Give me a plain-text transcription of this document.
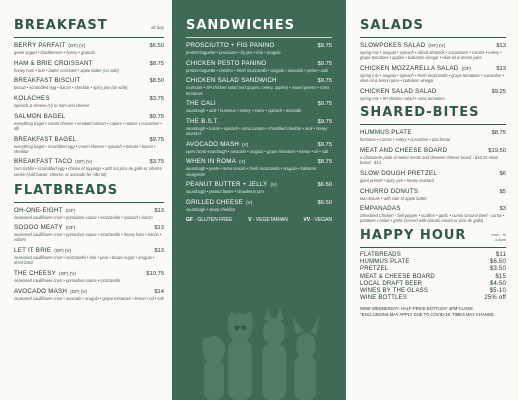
BREAKFAST	all day
BERRY PARFAIT (GF) (V)	$6.50
greek yogurt • blackberries • honey • granola
HAM & BRIE CROISSANT	$8.75
honey ham • brie • butter croissant • apple butter (on side)
BREAKFAST BISCUIT	$8.50
biscuit • scrambled egg • bacon • cheddar • spicy jam (on side)
KOLACHES	$3.75
spinach & cheese (V) or ham and cheese
SALMON BAGEL	$9.75
everything bagel • cream cheese • smoked salmon • capers • onions • cucumber • dill
BREAKFAST BAGEL	$9.75
everything bagel • scrambled egg • cream cheese • spinach • tomato • bacon • cheddar
BREAKFAST TACO (GF) (V)	$3.75
corn tortilla • scrambled egg • choice of toppings • add 1/4 pico de gallo or cilantro cream (Add bacon, cheese, or avocado for +$0.50)
FLATBREADS
OH-ONE-EIGHT (GF)	$13
seasoned cauliflower crust • pomodoro sauce • mozzarella • spinach • bacon
SOOOO MEATY (GF)	$13
seasoned cauliflower crust • pomodoro sauce • mozzarella • honey ham • bacon • salami
LET IT BRIE (GF) (V)	$13
seasoned cauliflower crust • mozzarella • brie • pear • brown sugar • arugula • dried basil
THE CHEESY (GF) (V)	$10.75
seasoned cauliflower crust • pomodoro sauce • mozzarella
AVOCADO MASH (GF) (V)	$14
seasoned cauliflower crust • avocado • arugula • grape tomatoes • lemon • oil • salt
SANDWICHES
PROSCIUTTO + FIG PANINO	$9.75
pretzel baguette • prosciutto • fig jam • brie • arugula
CHICKEN PESTO PANINO	$9.75
pretzel baguette • chicken • fresh mozzarella • arugula • avocado • pesto • aioli
CHICKEN SALAD SANDWICH	$9.75
croissant • SP chicken salad (red grapes, celery, apples) • mixed greens • roma tomatoes
THE CALI	$9.75
sourdough • aioli • hummus • turkey • swiss • spinach • avocado
THE B.S.T.	$9.75
sourdough • bacon • spinach • roma tomato • shredded cheddar • aioli • honey mustard
AVOCADO MASH (V)	$9.75
open faced sourdough • avocado • arugula • grape tomatoes • lemon • oil • salt
WHEN IN ROMA (V)	$8.75
sourdough • pesto • roma tomato • fresh mozzarella • arugula • balsamic vinaigrette
PEANUT BUTTER + JELLY (V)	$6.50
sourdough • peanut butter • strawberry jam
GRILLED CHEESE (V)	$6.50
sourdough • sharp cheddar
GF - GLUTEN FREE	V - VEGETARIAN	VV - VEGAN
SALADS
SLOWPOKES SALAD (GF) (V)	$13
spring mix • arugula • spinach • sliced almonds • cucumbers • carrots • celery • grape tomatoes • apples • balsamic vinegar • olive oil & lemon juice
CHICKEN MOZZARELLA SALAD (GF)	$13
spring mix • arugula • spinach • fresh mozzarella • grape tomatoes • cucumber • olive oil & lemon juice • balsamic vinegar
CHICKEN SALAD SALAD	$9.25
spring mix • SP chicken salad • roma tomatoes
SHARED-BITES
HUMMUS PLATE	$8.75
hummus • carrots • celery • cucumber • pita bread
MEAT AND CHEESE BOARD	$19.50
a chacuterie plate of select meats and cheeses cheese board - $16.25 meat board - $14
SLOW DOUGH PRETZEL	$6
giant pretzel • spicy jam • honey mustard
CHURRO DONUTS	$5
two donuts • with side of apple butter
EMPANADAS	$3
Shredded Chicken - bell pepper • scallion • garlic • cumin Ground Beef - carrot • potatoes • onion • garlic (served with cilantro cream or pico de gallo)
HAPPY HOUR	mon - fri
4-6pm
FLATBREADS	$11
HUMMUS PLATE	$6.50
PRETZEL	$3.50
MEAT & CHEESE BOARD	$15
LOCAL DRAFT BEER	$4.50
WINES BY THE GLASS	$5-10
WINE BOTTLES	25% off
WINE WEDNESDAY: HALF-PRICE BOTTLES* 4PM-CLOSE
*EXCLUSIONS MAY APPLY DUE TO COVID-19. TIMES MAY CHANGE.
